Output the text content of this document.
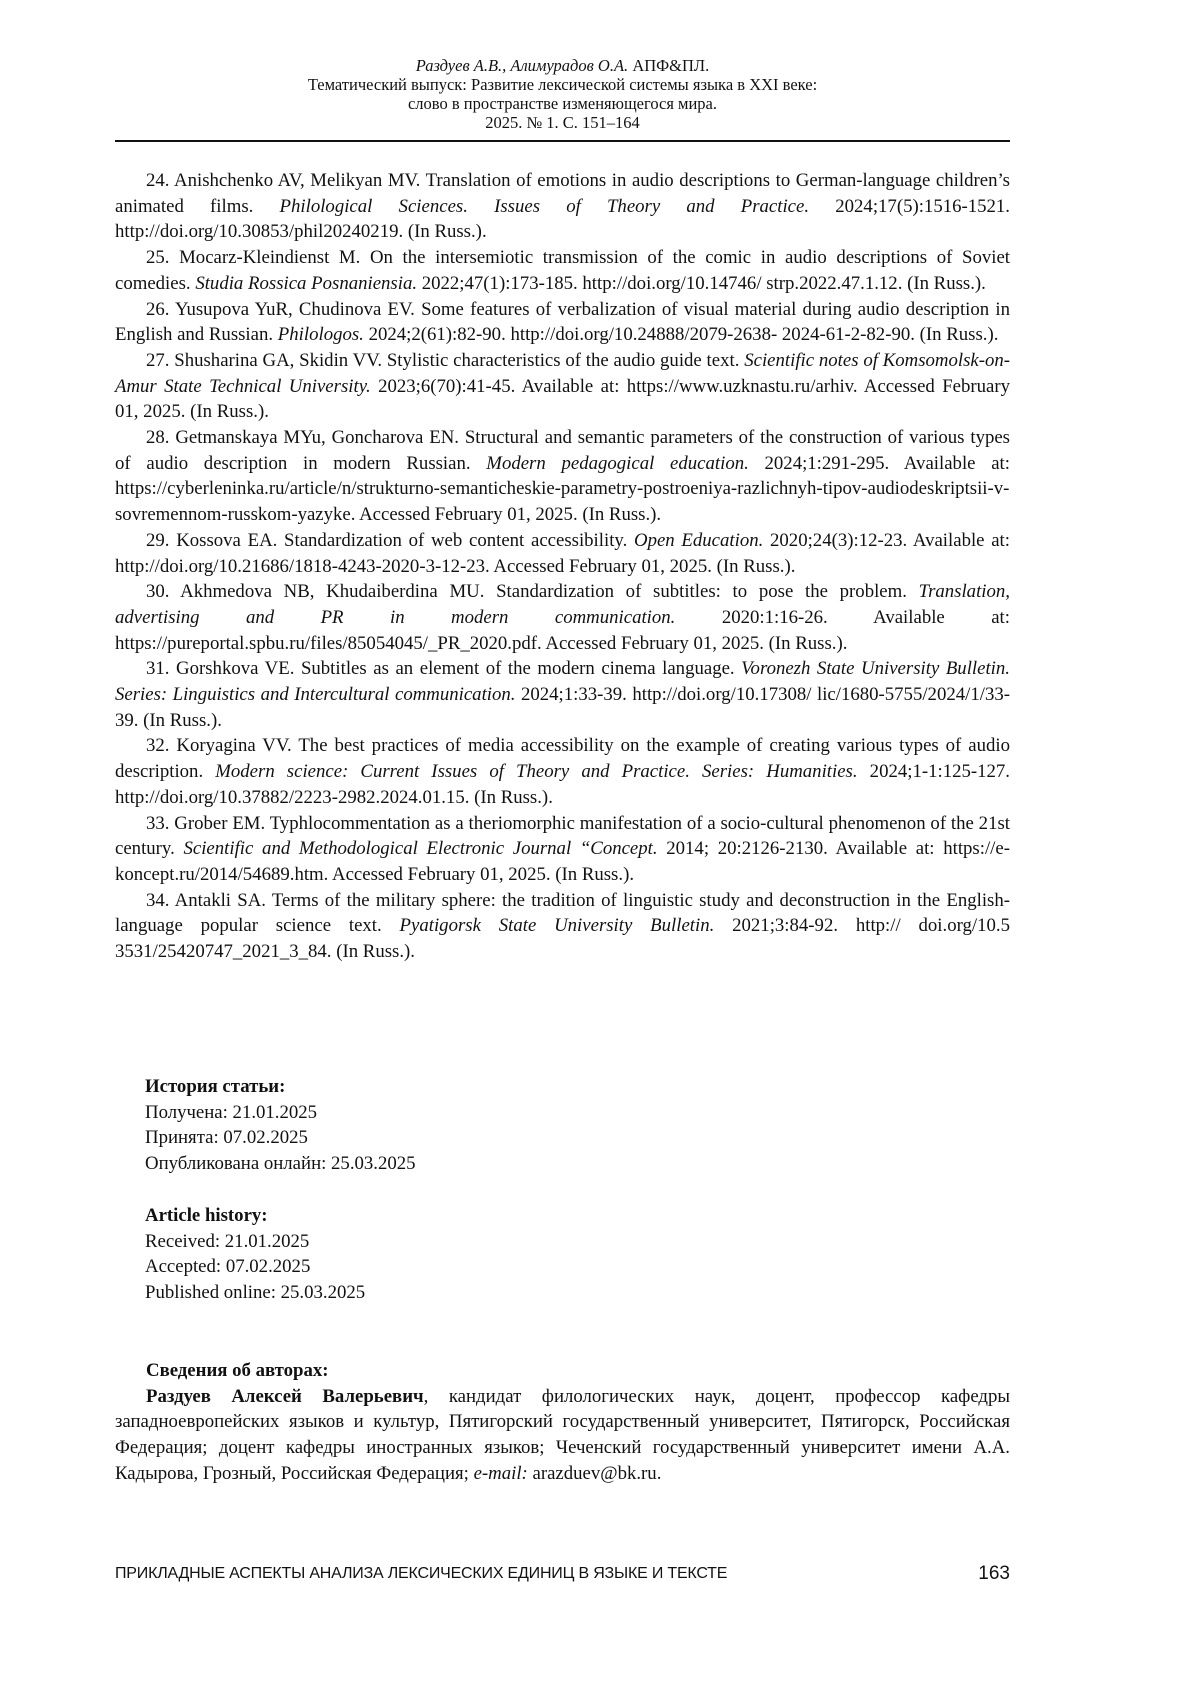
Раздуев А.В., Алимурадов О.А. АПФ&ПЛ.
Тематический выпуск: Развитие лексической системы языка в XXI веке:
слово в пространстве изменяющегося мира.
2025. № 1. С. 151–164

24. Anishchenko AV, Melikyan MV. Translation of emotions in audio descriptions to German-language children’s animated films. Philological Sciences. Issues of Theory and Practice. 2024;17(5):1516-1521. http://doi.org/10.30853/phil20240219. (In Russ.).

25. Mocarz-Kleindienst M. On the intersemiotic transmission of the comic in audio descriptions of Soviet comedies. Studia Rossica Posnaniensia. 2022;47(1):173-185. http://doi.org/10.14746/ strp.2022.47.1.12. (In Russ.).

26. Yusupova YuR, Chudinova EV. Some features of verbalization of visual material during audio description in English and Russian. Philologos. 2024;2(61):82-90. http://doi.org/10.24888/2079-2638- 2024-61-2-82-90. (In Russ.).

27. Shusharina GA, Skidin VV. Stylistic characteristics of the audio guide text. Scientific notes of Komsomolsk-on-Amur State Technical University. 2023;6(70):41-45. Available at: https://www.uzknastu.ru/arhiv. Accessed February 01, 2025. (In Russ.).

28. Getmanskaya MYu, Goncharova EN. Structural and semantic parameters of the construction of various types of audio description in modern Russian. Modern pedagogical education. 2024;1:291-295. Available at: https://cyberleninka.ru/article/n/strukturno-semanticheskie-parametry-postroeniya-razlichnyh-tipov-audiodeskriptsii-v-sovremennom-russkom-yazyke. Accessed February 01, 2025. (In Russ.).

29. Kossova EA. Standardization of web content accessibility. Open Education. 2020;24(3):12-23. Available at: http://doi.org/10.21686/1818-4243-2020-3-12-23. Accessed February 01, 2025. (In Russ.).

30. Akhmedova NB, Khudaiberdina MU. Standardization of subtitles: to pose the problem. Translation, advertising and PR in modern communication. 2020:1:16-26. Available at: https://pureportal.spbu.ru/files/85054045/_PR_2020.pdf. Accessed February 01, 2025. (In Russ.).

31. Gorshkova VE. Subtitles as an element of the modern cinema language. Voronezh State University Bulletin. Series: Linguistics and Intercultural communication. 2024;1:33-39. http://doi.org/10.17308/ lic/1680-5755/2024/1/33-39. (In Russ.).

32. Koryagina VV. The best practices of media accessibility on the example of creating various types of audio description. Modern science: Current Issues of Theory and Practice. Series: Humanities. 2024;1-1:125-127. http://doi.org/10.37882/2223-2982.2024.01.15. (In Russ.).

33. Grober EM. Typhlocommentation as a theriomorphic manifestation of a socio-cultural phenomenon of the 21st century. Scientific and Methodological Electronic Journal “Concept. 2014; 20:2126-2130. Available at: https://e-koncept.ru/2014/54689.htm. Accessed February 01, 2025. (In Russ.).

34. Antakli SA. Terms of the military sphere: the tradition of linguistic study and deconstruction in the English-language popular science text. Pyatigorsk State University Bulletin. 2021;3:84-92. http:// doi.org/10.5 3531/25420747_2021_3_84. (In Russ.).

История статьи:
Получена: 21.01.2025
Принята: 07.02.2025
Опубликована онлайн: 25.03.2025
Article history:
Received: 21.01.2025
Accepted: 07.02.2025
Published online: 25.03.2025
Сведения об авторах:

Раздуев Алексей Валерьевич, кандидат филологических наук, доцент, профессор кафедры западноевропейских языков и культур, Пятигорский государственный университет, Пятигорск, Российская Федерация; доцент кафедры иностранных языков; Чеченский государственный университет имени А.А. Кадырова, Грозный, Российская Федерация; e-mail: arazduev@bk.ru.

ПРИКЛАДНЫЕ АСПЕКТЫ АНАЛИЗА ЛЕКСИЧЕСКИХ ЕДИНИЦ В ЯЗЫКЕ И ТЕКСТЕ	163
